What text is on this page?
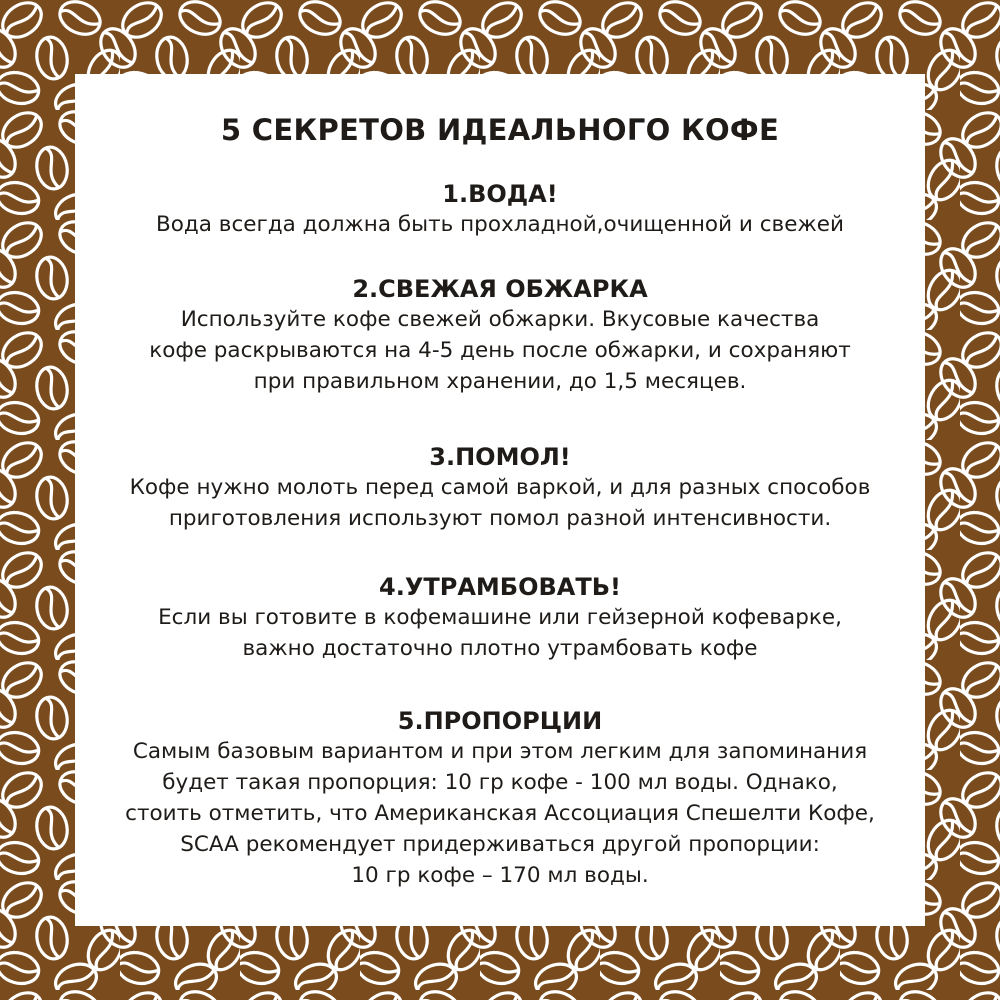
5 СЕКРЕТОВ ИДЕАЛЬНОГО КОФЕ
1.ВОДА!
Вода всегда должна быть прохладной,очищенной и свежей
2.СВЕЖАЯ ОБЖАРКА
Используйте кофе свежей обжарки. Вкусовые качества
кофе раскрываются на 4-5 день после обжарки, и сохраняют
при правильном хранении, до 1,5 месяцев.
3.ПОМОЛ!
Кофе нужно молоть перед самой варкой, и для разных способов
приготовления используют помол разной интенсивности.
4.УТРАМБОВАТЬ!
Если вы готовите в кофемашине или гейзерной кофеварке,
важно достаточно плотно утрамбовать кофе
5.ПРОПОРЦИИ
Самым базовым вариантом и при этом легким для запоминания
будет такая пропорция: 10 гр кофе - 100 мл воды. Однако,
стоить отметить, что Американская Ассоциация Спешелти Кофе,
SCAA рекомендует придерживаться другой пропорции:
10 гр кофе – 170 мл воды.
